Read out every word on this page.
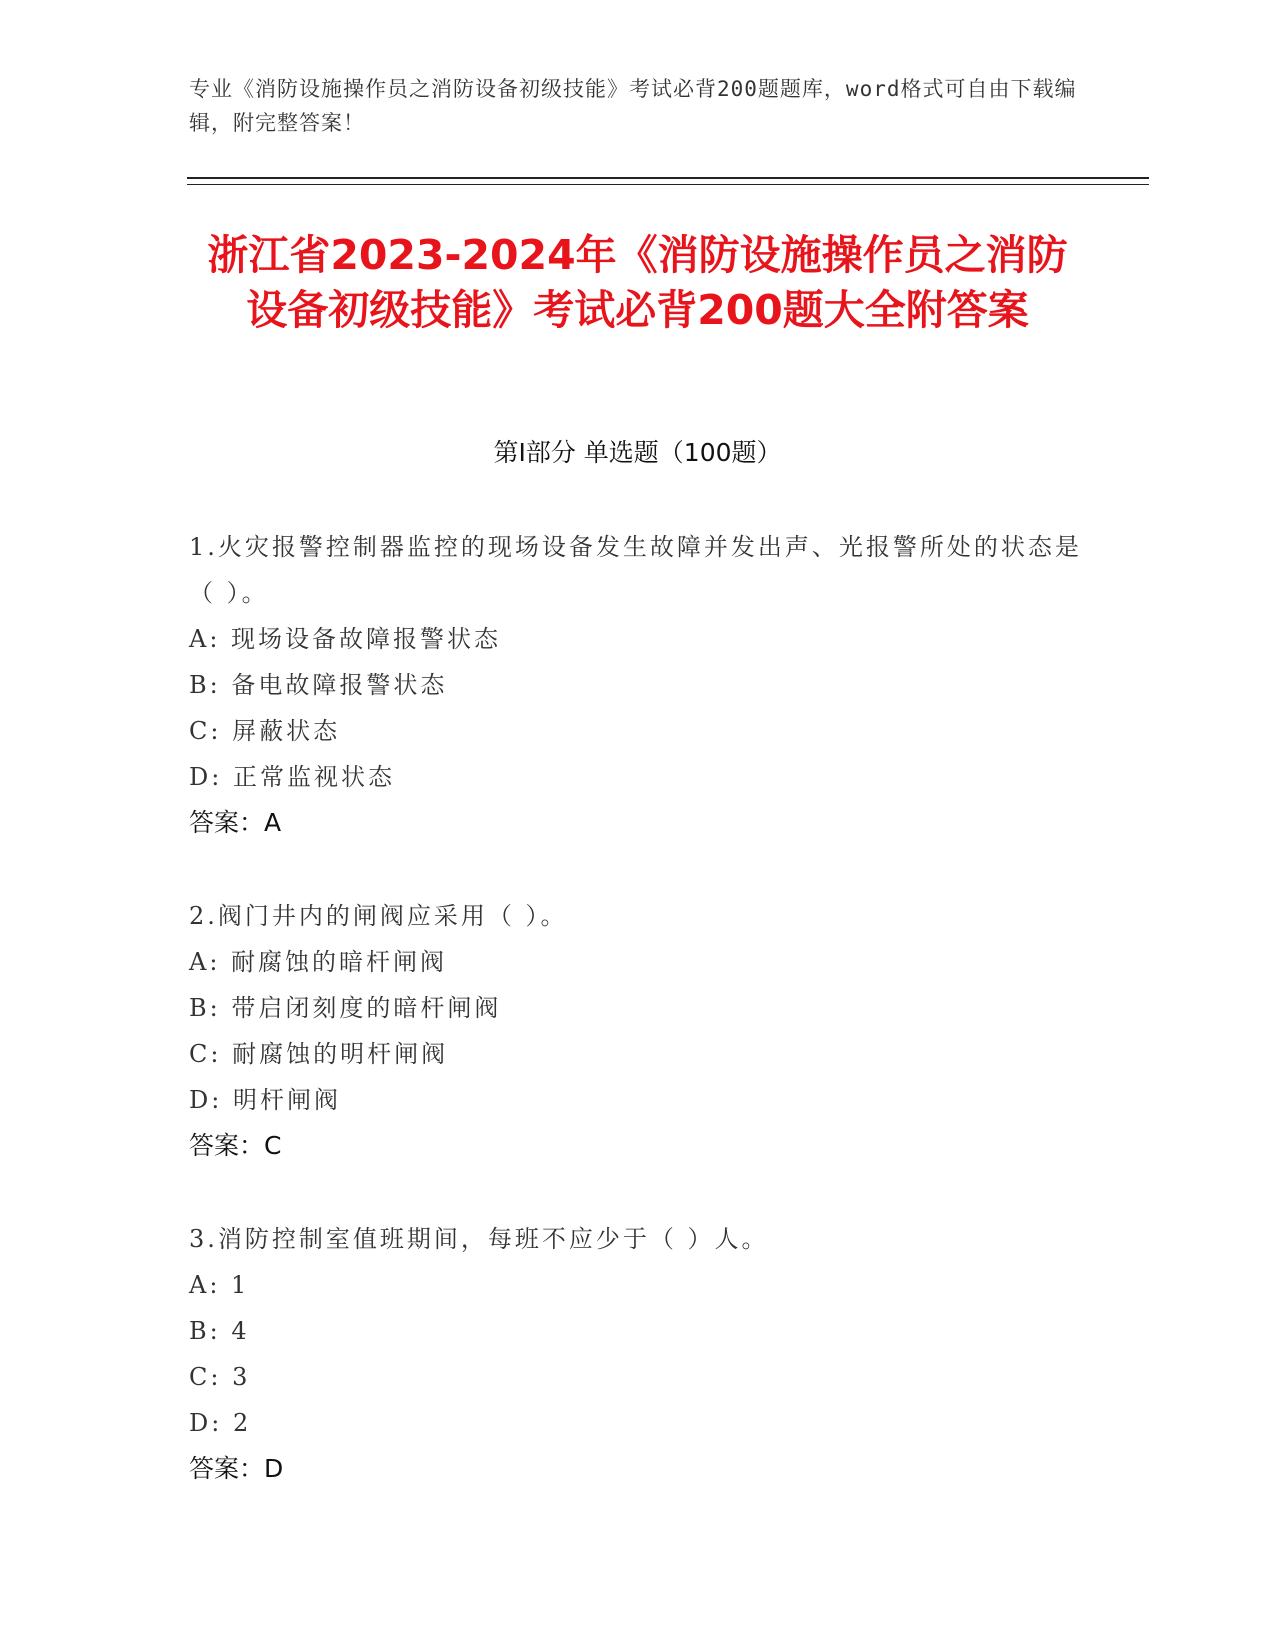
专业《消防设施操作员之消防设备初级技能》考试必背200题题库，word格式可自由下载编辑，附完整答案！
浙江省2023-2024年《消防设施操作员之消防设备初级技能》考试必背200题大全附答案
第Ⅰ部分 单选题（100题）
1.火灾报警控制器监控的现场设备发生故障并发出声、光报警所处的状态是（ ）。
A: 现场设备故障报警状态
B: 备电故障报警状态
C: 屏蔽状态
D: 正常监视状态
答案：A
2.阀门井内的闸阀应采用（ ）。
A: 耐腐蚀的暗杆闸阀
B: 带启闭刻度的暗杆闸阀
C: 耐腐蚀的明杆闸阀
D: 明杆闸阀
答案：C
3.消防控制室值班期间，每班不应少于（ ）人。
A: 1
B: 4
C: 3
D: 2
答案：D
